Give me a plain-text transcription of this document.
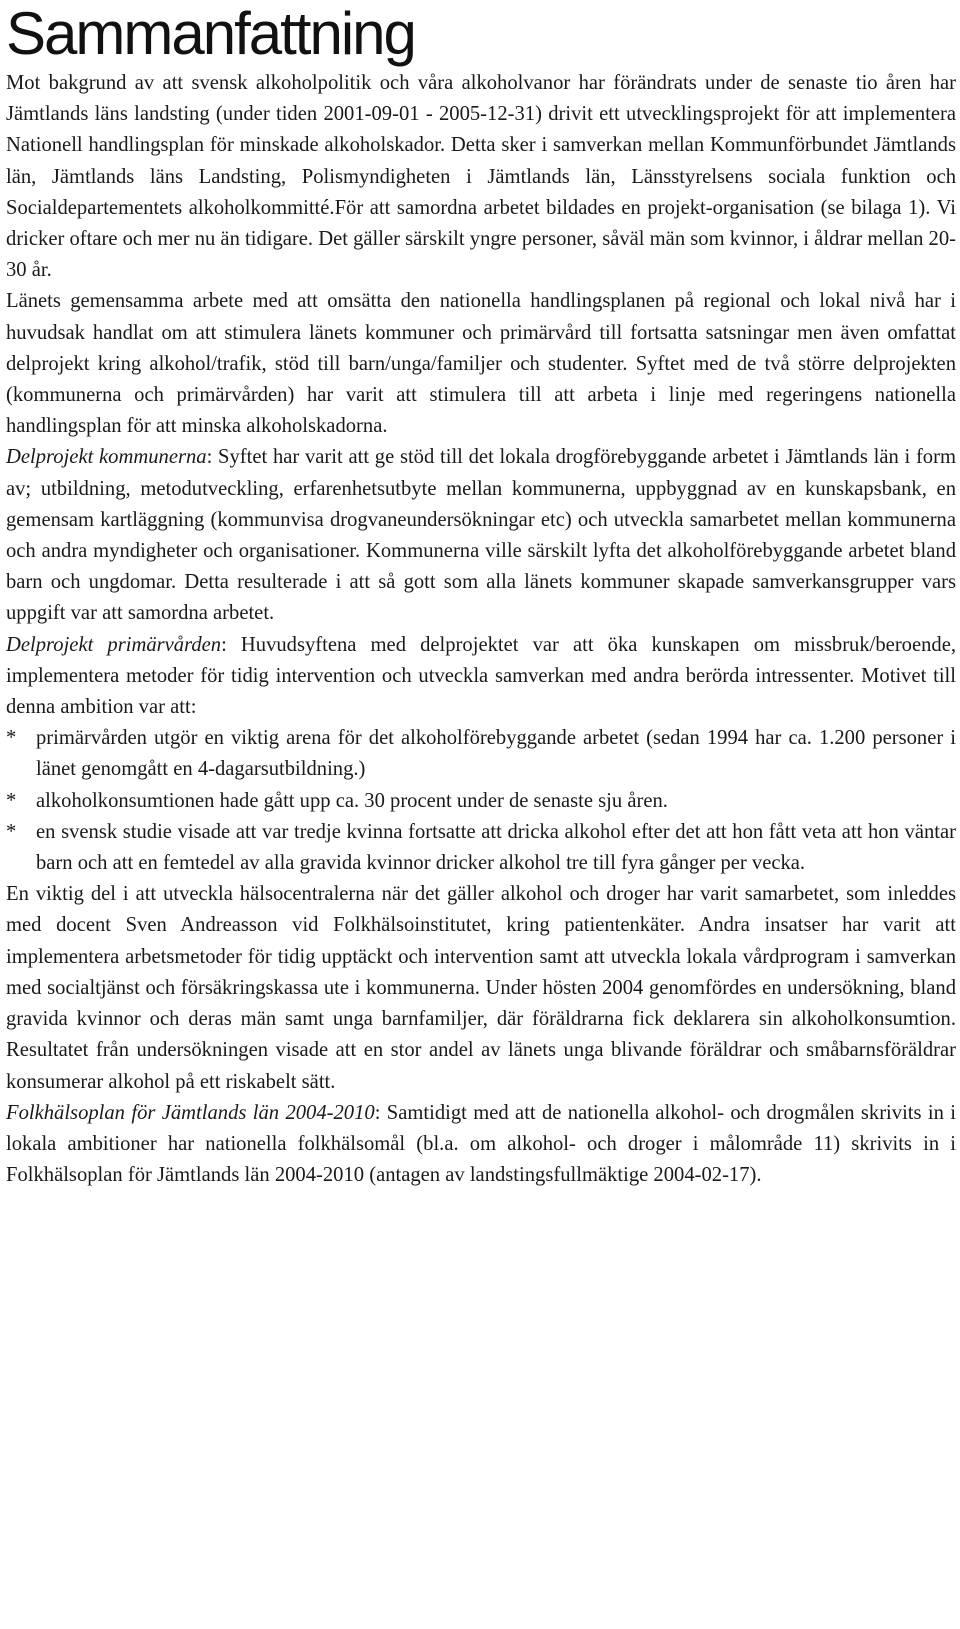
Sammanfattning

Mot bakgrund av att svensk alkoholpolitik och våra alkoholvanor har förändrats under de senaste tio åren har Jämtlands läns landsting (under tiden 2001-09-01 - 2005-12-31) drivit ett utvecklingsprojekt för att implementera Nationell handlingsplan för minskade alkoholskador. Detta sker i samverkan mellan Kommunförbundet Jämtlands län, Jämtlands läns Landsting, Polismyndigheten i Jämtlands län, Länsstyrelsens sociala funktion och Socialdepartementets alkoholkommitté.För att samordna arbetet bildades en projekt-organisation (se bilaga 1). Vi dricker oftare och mer nu än tidigare. Det gäller särskilt yngre personer, såväl män som kvinnor, i åldrar mellan 20-30 år.

Länets gemensamma arbete med att omsätta den nationella handlingsplanen på regional och lokal nivå har i huvudsak handlat om att stimulera länets kommuner och primärvård till fortsatta satsningar men även omfattat delprojekt kring alkohol/trafik, stöd till barn/unga/familjer och studenter. Syftet med de två större delprojekten (kommunerna och primärvården) har varit att stimulera till att arbeta i linje med regeringens nationella handlingsplan för att minska alkoholskadorna.

Delprojekt kommunerna: Syftet har varit att ge stöd till det lokala drogförebyggande arbetet i Jämtlands län i form av; utbildning, metodutveckling, erfarenhetsutbyte mellan kommunerna, uppbyggnad av en kunskapsbank, en gemensam kartläggning (kommunvisa drogvaneundersökningar etc) och utveckla samarbetet mellan kommunerna och andra myndigheter och organisationer. Kommunerna ville särskilt lyfta det alkoholförebyggande arbetet bland barn och ungdomar. Detta resulterade i att så gott som alla länets kommuner skapade samverkansgrupper vars uppgift var att samordna arbetet.

Delprojekt primärvården: Huvudsyftena med delprojektet var att öka kunskapen om missbruk/beroende, implementera metoder för tidig intervention och utveckla samverkan med andra berörda intressenter. Motivet till denna ambition var att:

* primärvården utgör en viktig arena för det alkoholförebyggande arbetet (sedan 1994 har ca. 1.200 personer i länet genomgått en 4-dagarsutbildning.)
* alkoholkonsumtionen hade gått upp ca. 30 procent under de senaste sju åren.
* en svensk studie visade att var tredje kvinna fortsatte att dricka alkohol efter det att hon fått veta att hon väntar barn och att en femtedel av alla gravida kvinnor dricker alkohol tre till fyra gånger per vecka.

En viktig del i att utveckla hälsocentralerna när det gäller alkohol och droger har varit samarbetet, som inleddes med docent Sven Andreasson vid Folkhälsoinstitutet, kring patientenkäter. Andra insatser har varit att implementera arbetsmetoder för tidig upptäckt och intervention samt att utveckla lokala vårdprogram i samverkan med socialtjänst och försäkringskassa ute i kommunerna. Under hösten 2004 genomfördes en undersökning, bland gravida kvinnor och deras män samt unga barnfamiljer, där föräldrarna fick deklarera sin alkoholkonsumtion. Resultatet från undersökningen visade att en stor andel av länets unga blivande föräldrar och småbarnsföräldrar konsumerar alkohol på ett riskabelt sätt.

Folkhälsoplan för Jämtlands län 2004-2010: Samtidigt med att de nationella alkohol- och drogmålen skrivits in i lokala ambitioner har nationella folkhälsomål (bl.a. om alkohol- och droger i målområde 11) skrivits in i Folkhälsoplan för Jämtlands län 2004-2010 (antagen av landstingsfullmäktige 2004-02-17).
